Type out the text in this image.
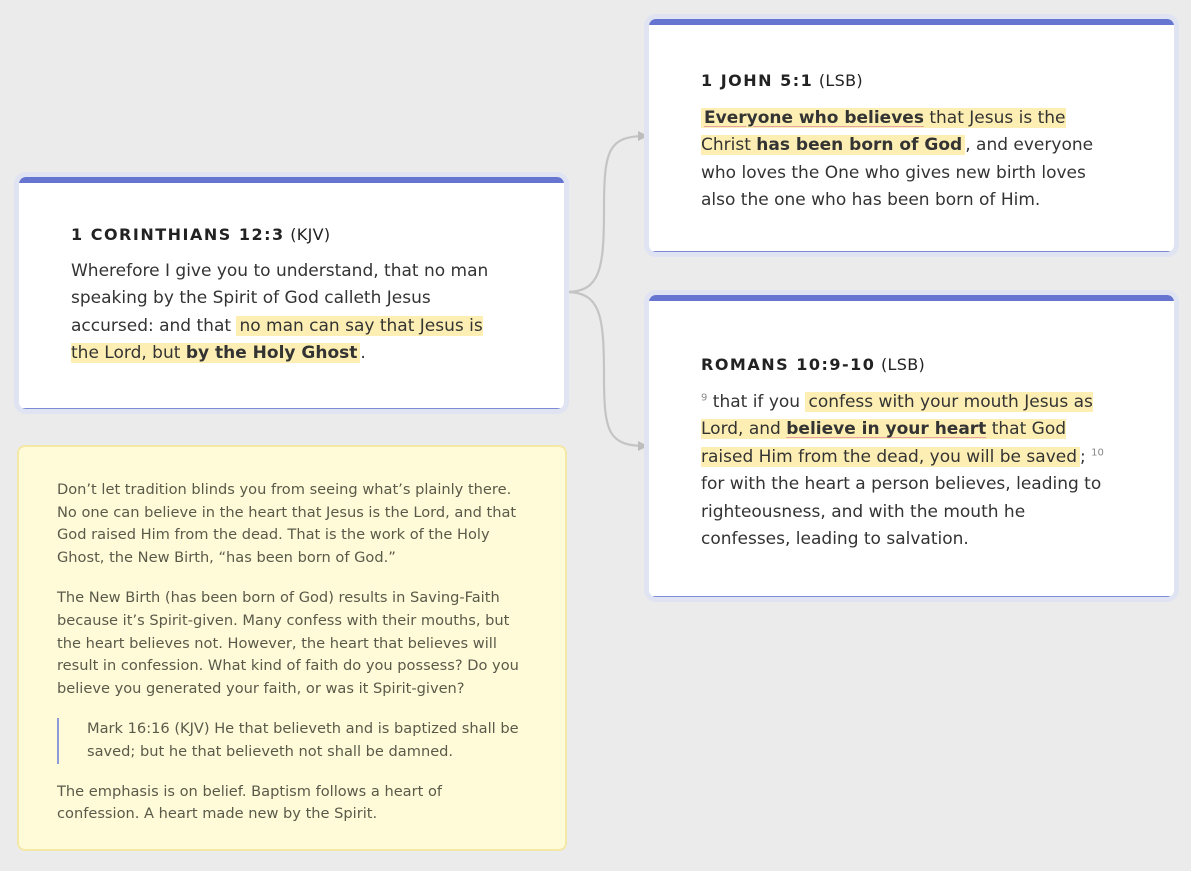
1 CORINTHIANS 12:3 (KJV)
Wherefore I give you to understand, that no man speaking by the Spirit of God calleth Jesus accursed: and that no man can say that Jesus is the Lord, but by the Holy Ghost .
1 JOHN 5:1 (LSB)
Everyone who believes that Jesus is the Christ has been born of God , and everyone who loves the One who gives new birth loves also the one who has been born of Him.
ROMANS 10:9-10 (LSB)
$^9$ that if you confess with your mouth Jesus as Lord, and believe in your heart that God raised Him from the dead, you will be saved ; $^{10}$ for with the heart a person believes, leading to righteousness, and with the mouth he confesses, leading to salvation.

Don’t let tradition blinds you from seeing what’s plainly there. No one can believe in the heart that Jesus is the Lord, and that God raised Him from the dead. That is the work of the Holy Ghost, the New Birth, “has been born of God.”

The New Birth (has been born of God) results in Saving-Faith because it’s Spirit-given. Many confess with their mouths, but the heart believes not. However, the heart that believes will result in confession. What kind of faith do you possess? Do you believe you generated your faith, or was it Spirit-given?

Mark 16:16 (KJV) He that believeth and is baptized shall be saved; but he that believeth not shall be damned.

The emphasis is on belief. Baptism follows a heart of confession. A heart made new by the Spirit.
